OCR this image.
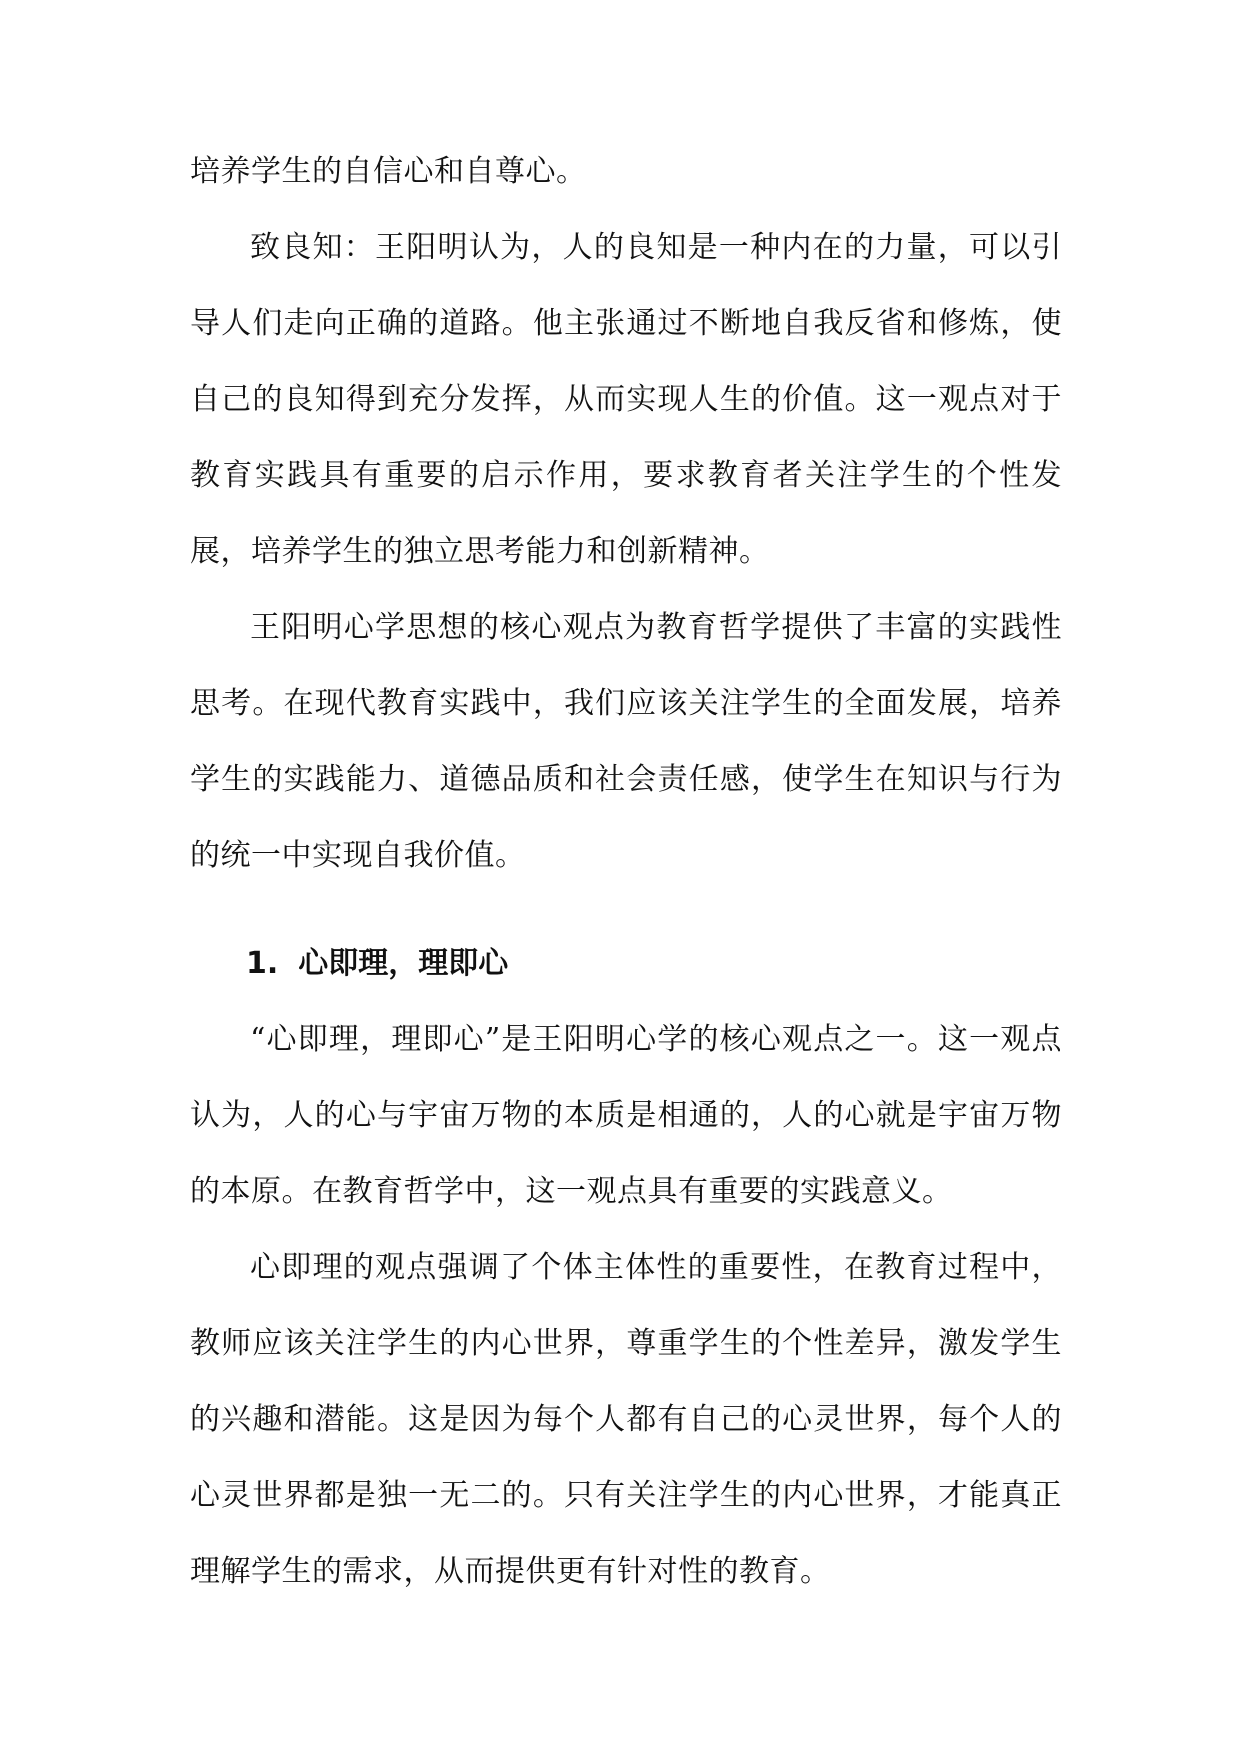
培养学生的自信心和自尊心。

致良知：王阳明认为，人的良知是一种内在的力量，可以引导人们走向正确的道路。他主张通过不断地自我反省和修炼，使自己的良知得到充分发挥，从而实现人生的价值。这一观点对于教育实践具有重要的启示作用，要求教育者关注学生的个性发展，培养学生的独立思考能力和创新精神。

王阳明心学思想的核心观点为教育哲学提供了丰富的实践性思考。在现代教育实践中，我们应该关注学生的全面发展，培养学生的实践能力、道德品质和社会责任感，使学生在知识与行为的统一中实现自我价值。

1. 心即理，理即心

“心即理，理即心”是王阳明心学的核心观点之一。这一观点认为，人的心与宇宙万物的本质是相通的，人的心就是宇宙万物的本原。在教育哲学中，这一观点具有重要的实践意义。

心即理的观点强调了个体主体性的重要性，在教育过程中，教师应该关注学生的内心世界，尊重学生的个性差异，激发学生的兴趣和潜能。这是因为每个人都有自己的心灵世界，每个人的心灵世界都是独一无二的。只有关注学生的内心世界，才能真正理解学生的需求，从而提供更有针对性的教育。
